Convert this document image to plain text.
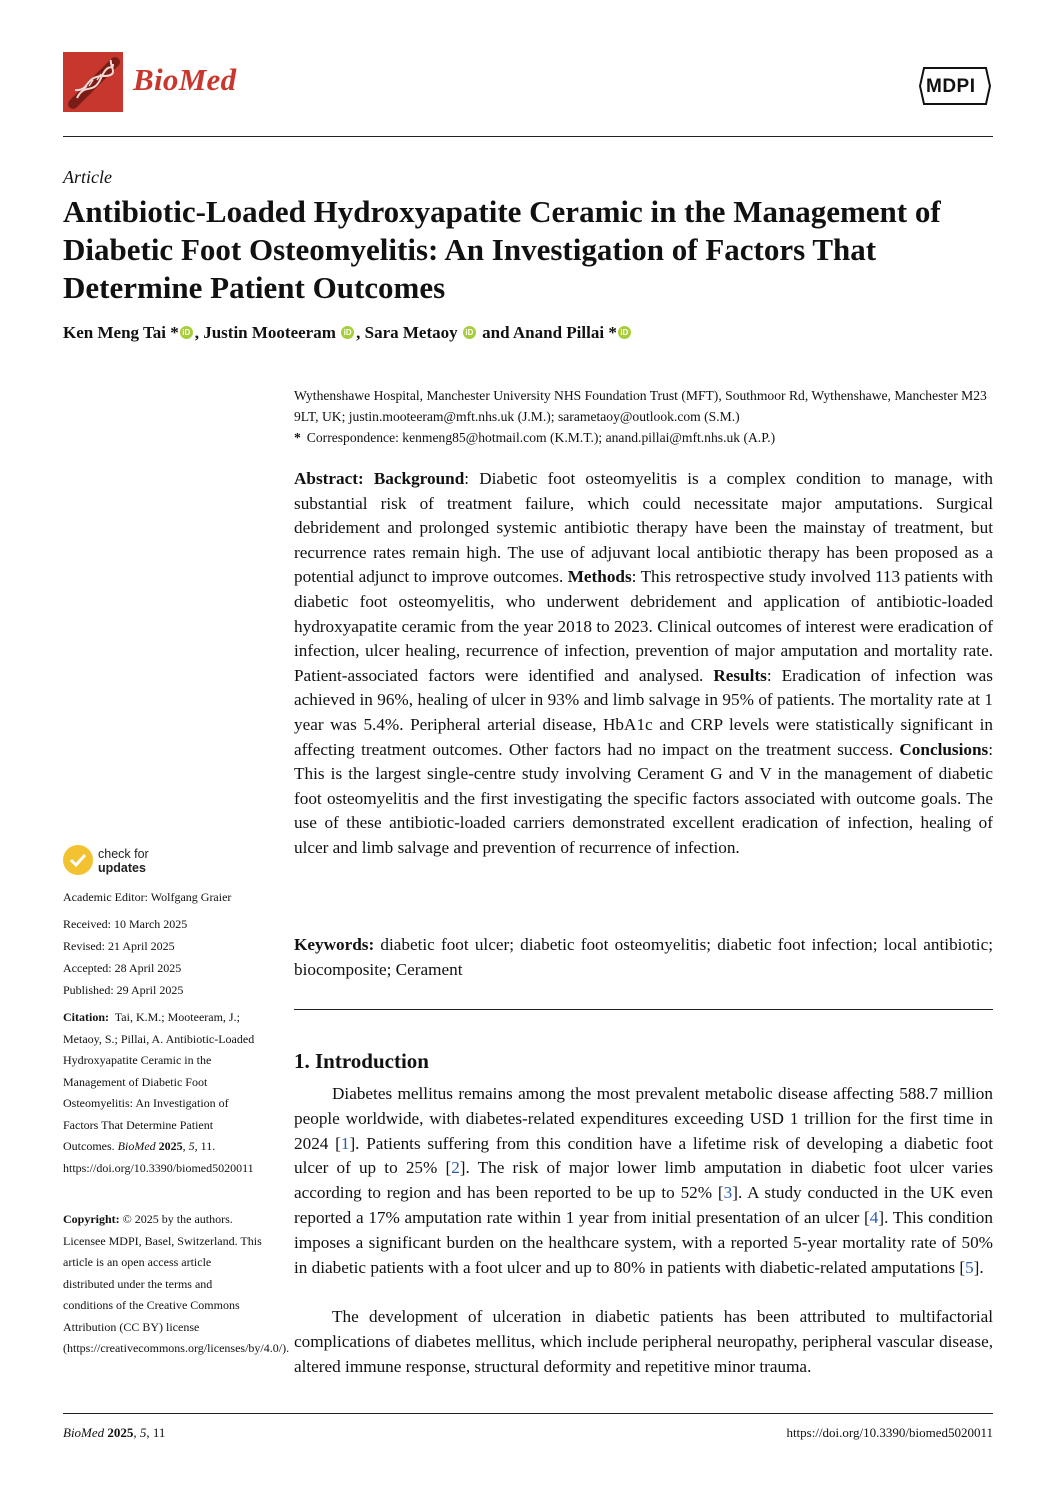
BioMed	MDPI
Article
Antibiotic-Loaded Hydroxyapatite Ceramic in the Management of Diabetic Foot Osteomyelitis: An Investigation of Factors That Determine Patient Outcomes
Ken Meng Tai * iD , Justin Mooteeram iD , Sara Metaoy iD and Anand Pillai * iD
Wythenshawe Hospital, Manchester University NHS Foundation Trust (MFT), Southmoor Rd, Wythenshawe, Manchester M23 9LT, UK; justin.mooteeram@mft.nhs.uk (J.M.); sarametaoy@outlook.com (S.M.)
* Correspondence: kenmeng85@hotmail.com (K.M.T.); anand.pillai@mft.nhs.uk (A.P.)
Abstract: Background: Diabetic foot osteomyelitis is a complex condition to manage, with substantial risk of treatment failure, which could necessitate major amputations. Surgical debridement and prolonged systemic antibiotic therapy have been the mainstay of treatment, but recurrence rates remain high. The use of adjuvant local antibiotic therapy has been proposed as a potential adjunct to improve outcomes. Methods: This retrospective study involved 113 patients with diabetic foot osteomyelitis, who underwent debridement and application of antibiotic-loaded hydroxyapatite ceramic from the year 2018 to 2023. Clinical outcomes of interest were eradication of infection, ulcer healing, recurrence of infection, prevention of major amputation and mortality rate. Patient-associated factors were identified and analysed. Results: Eradication of infection was achieved in 96%, healing of ulcer in 93% and limb salvage in 95% of patients. The mortality rate at 1 year was 5.4%. Peripheral arterial disease, HbA1c and CRP levels were statistically significant in affecting treatment outcomes. Other factors had no impact on the treatment success. Conclusions: This is the largest single-centre study involving Cerament G and V in the management of diabetic foot osteomyelitis and the first investigating the specific factors associated with outcome goals. The use of these antibiotic-loaded carriers demonstrated excellent eradication of infection, healing of ulcer and limb salvage and prevention of recurrence of infection.
Keywords: diabetic foot ulcer; diabetic foot osteomyelitis; diabetic foot infection; local antibiotic; biocomposite; Cerament
check for
updates
Academic Editor: Wolfgang Graier
Received: 10 March 2025
Revised: 21 April 2025
Accepted: 28 April 2025
Published: 29 April 2025
Citation: Tai, K.M.; Mooteeram, J.; Metaoy, S.; Pillai, A. Antibiotic-Loaded Hydroxyapatite Ceramic in the Management of Diabetic Foot Osteomyelitis: An Investigation of Factors That Determine Patient Outcomes. BioMed 2025, 5, 11. https://doi.org/10.3390/biomed5020011
Copyright: © 2025 by the authors. Licensee MDPI, Basel, Switzerland. This article is an open access article distributed under the terms and conditions of the Creative Commons Attribution (CC BY) license (https://creativecommons.org/licenses/by/4.0/).
1. Introduction
Diabetes mellitus remains among the most prevalent metabolic disease affecting 588.7 million people worldwide, with diabetes-related expenditures exceeding USD 1 trillion for the first time in 2024 [1]. Patients suffering from this condition have a lifetime risk of developing a diabetic foot ulcer of up to 25% [2]. The risk of major lower limb amputation in diabetic foot ulcer varies according to region and has been reported to be up to 52% [3]. A study conducted in the UK even reported a 17% amputation rate within 1 year from initial presentation of an ulcer [4]. This condition imposes a significant burden on the healthcare system, with a reported 5-year mortality rate of 50% in diabetic patients with a foot ulcer and up to 80% in patients with diabetic-related amputations [5].
The development of ulceration in diabetic patients has been attributed to multifactorial complications of diabetes mellitus, which include peripheral neuropathy, peripheral vascular disease, altered immune response, structural deformity and repetitive minor trauma.
BioMed 2025, 5, 11	https://doi.org/10.3390/biomed5020011
